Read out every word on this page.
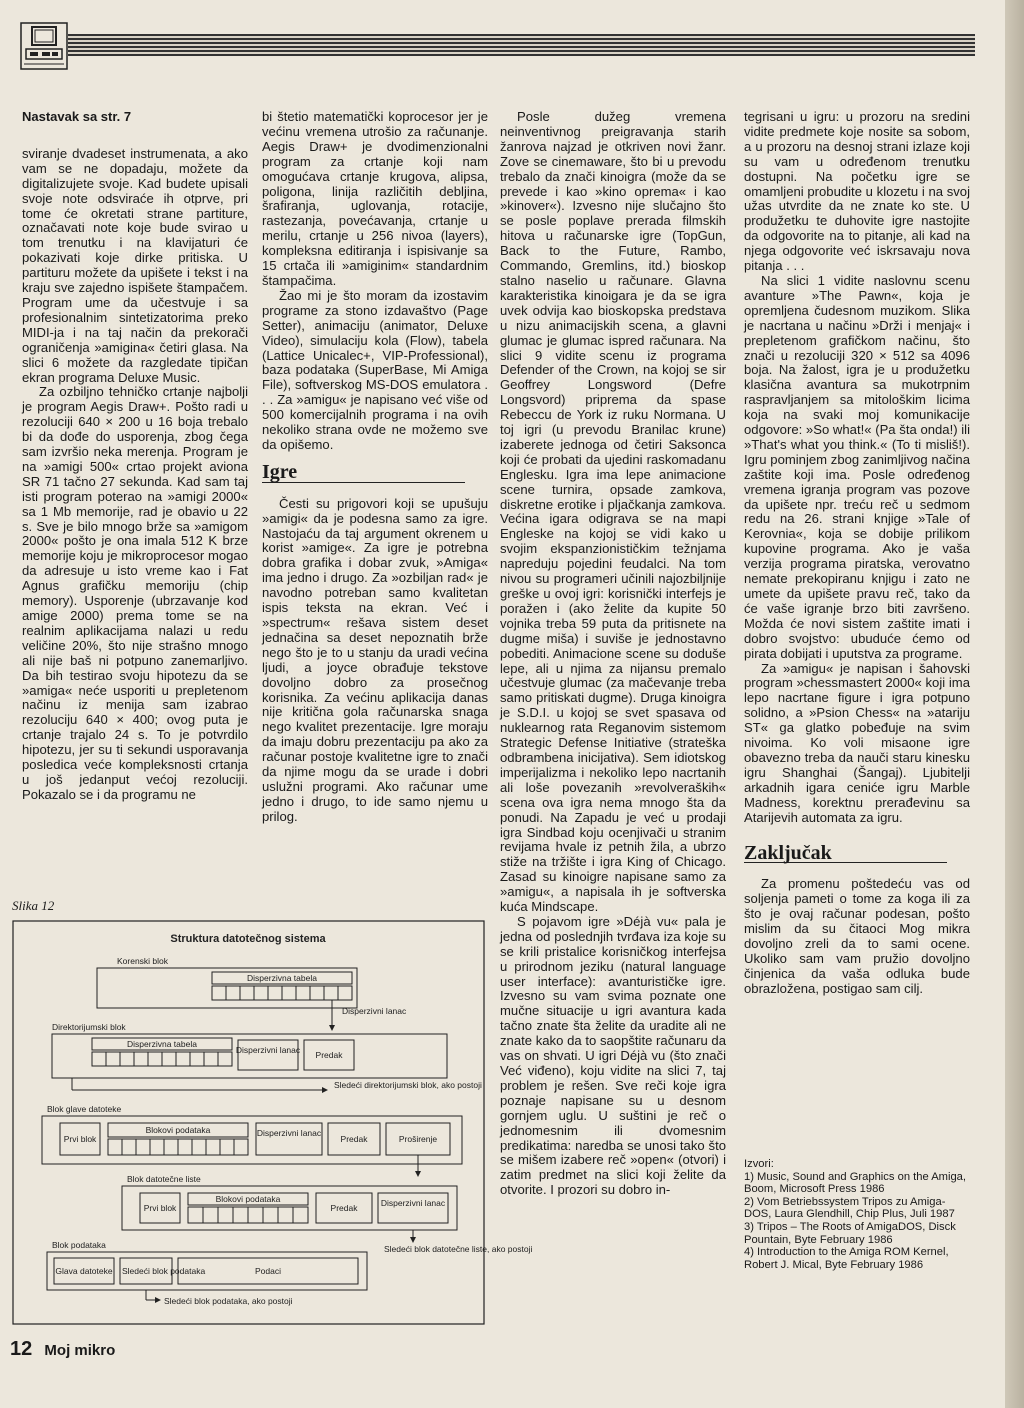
Nastavak sa str. 7

sviranje dvadeset instrumenata, a ako vam se ne dopadaju, možete da digitalizujete svoje. Kad budete upisali svoje note odsviraće ih otprve, pri tome će okretati strane partiture, označavati note koje bude svirao u tom trenutku i na klavijaturi će pokazivati koje dirke pritiska. U partituru možete da upišete i tekst i na kraju sve zajedno ispišete štampačem. Program ume da učestvuje i sa profesionalnim sintetizatorima preko MIDI-ja i na taj način da prekorači ograničenja »amigina« četiri glasa. Na slici 6 možete da razgledate tipičan ekran programa Deluxe Music.

Za ozbiljno tehničko crtanje najbolji je program Aegis Draw+. Pošto radi u rezoluciji 640 × 200 u 16 boja trebalo bi da dođe do usporenja, zbog čega sam izvršio neka merenja. Program je na »amigi 500« crtao projekt aviona SR 71 tačno 27 sekunda. Kad sam taj isti program poterao na »amigi 2000« sa 1 Mb memorije, rad je obavio u 22 s. Sve je bilo mnogo brže sa »amigom 2000« pošto je ona imala 512 K brze memorije koju je mikroprocesor mogao da adresuje u isto vreme kao i Fat Agnus grafičku memoriju (chip memory). Usporenje (ubrzavanje kod amige 2000) prema tome se na realnim aplikacijama nalazi u redu veličine 20%, što nije strašno mnogo ali nije baš ni potpuno zanemarljivo. Da bih testirao svoju hipotezu da se »amiga« neće usporiti u prepletenom načinu iz menija sam izabrao rezoluciju 640 × 400; ovog puta je crtanje trajalo 24 s. To je potvrdilo hipotezu, jer su ti sekundi usporavanja posledica veće kompleksnosti crtanja u još jedanput većoj rezoluciji. Pokazalo se i da programu ne

bi štetio matematički koprocesor jer je većinu vremena utrošio za računanje. Aegis Draw+ je dvodimenzionalni program za crtanje koji nam omogućava crtanje krugova, alipsa, poligona, linija različitih debljina, šrafiranja, uglovanja, rotacije, rastezanja, povećavanja, crtanje u merilu, crtanje u 256 nivoa (layers), kompleksna editiranja i ispisivanje sa 15 crtača ili »amiginim« standardnim štampačima.

Žao mi je što moram da izostavim programe za stono izdavaštvo (Page Setter), animaciju (animator, Deluxe Video), simulaciju kola (Flow), tabela (Lattice Unicalec+, VIP-Professional), baza podataka (SuperBase, Mi Amiga File), softverskog MS-DOS emulatora . . . Za »amigu« je napisano već više od 500 komercijalnih programa i na ovih nekoliko strana ovde ne možemo sve da opišemo.

Igre

Česti su prigovori koji se upušuju »amigi« da je podesna samo za igre. Nastojaću da taj argument okrenem u korist »amige«. Za igre je potrebna dobra grafika i dobar zvuk, »Amiga« ima jedno i drugo. Za »ozbiljan rad« je navodno potreban samo kvalitetan ispis teksta na ekran. Već i »spectrum« rešava sistem deset jednačina sa deset nepoznatih brže nego što je to u stanju da uradi većina ljudi, a joyce obrađuje tekstove dovoljno dobro za prosečnog korisnika. Za većinu aplikacija danas nije kritična gola računarska snaga nego kvalitet prezentacije. Igre moraju da imaju dobru prezentaciju pa ako za računar postoje kvalitetne igre to znači da njime mogu da se urade i dobri uslužni programi. Ako računar ume jedno i drugo, to ide samo njemu u prilog.

Posle dužeg vremena neinventivnog preigravanja starih žanrova najzad je otkriven novi žanr. Zove se cinemaware, što bi u prevodu trebalo da znači kinoigra (može da se prevede i kao »kino oprema« i kao »kinover«). Izvesno nije slučajno što se posle poplave prerada filmskih hitova u računarske igre (TopGun, Back to the Future, Rambo, Commando, Gremlins, itd.) bioskop stalno naselio u računare. Glavna karakteristika kinoigara je da se igra uvek odvija kao bioskopska predstava u nizu animacijskih scena, a glavni glumac je glumac ispred računara. Na slici 9 vidite scenu iz programa Defender of the Crown, na kojoj se sir Geoffrey Longsword (Defre Longsvord) pripremа da spase Rebeccu de York iz ruku Normana. U toj igri (u prevodu Branilac krune) izaberete jednoga od četiri Saksonca koji će probati da ujedini raskomadanu Englesku. Igra ima lepe animacione scene turnira, opsade zamkova, diskretne erotike i pljačkanja zamkova. Većina igara odigrava se na mapi Engleske na kojoj se vidi kako u svojim ekspanzionističkim težnjama napreduju pojedini feudalci. Na tom nivou su programeri učinili najozbiljnije greške u ovoj igri: korisnički interfejs je poražen i (ako želite da kupite 50 vojnika treba 59 puta da pritisnete na dugme miša) i suviše je jednostavno pobediti. Animacione scene su doduše lepe, ali u njima za nijansu premalo učestvuje glumac (za mačevanje treba samo pritiskati dugme). Druga kinoigra je S.D.I. u kojoj se svet spasava od nuklearnog rata Reganovim sistemom Strategic Defense Initiative (strateška odbrambena inicijativa). Sem idiotskog imperijalizma i nekoliko lepo nacrtanih ali loše povezanih »revolveraških« scena ova igra nema mnogo šta da ponudi. Na Zapadu je već u prodaji igra Sindbad koju ocenjivači u stranim revijama hvale iz petnih žila, a ubrzo stiže na tržište i igra King of Chicago. Zasad su kinoigre napisane samo za »amigu«, a napisala ih je softverska kuća Mindscape.

S pojavom igre »Déjà vu« pala je jedna od poslednjih tvrđava iza koje su se krili pristalice korisničkog interfejsa u prirodnom jeziku (natural language user interface): avanturističke igre. Izvesno su vam svima poznate one mučne situacije u igri avantura kada tačno znate šta želite da uradite ali ne znate kako da to saopštite računaru da vas on shvati. U igri Déjà vu (što znači Već viđeno), koju vidite na slici 7, taj problem je rešen. Sve reči koje igra poznaje napisane su u desnom gornjem uglu. U suštini je reč o jednomesnim ili dvomesnim predikatima: naredba se unosi tako što se mišem izabere reč »open« (otvori) i zatim predmet na slici koji želite da otvorite. I prozori su dobro in-

tegrisani u igru: u prozoru na sredini vidite predmete koje nosite sa sobom, a u prozoru na desnoj strani izlaze koji su vam u određenom trenutku dostupni. Na početku igre se omamljeni probudite u klozetu i na svoj užas utvrdite da ne znate ko ste. U produžetku te duhovite igre nastojite da odgovorite na to pitanje, ali kad na njega odgovorite već iskrsavaju nova pitanja . . .

Na slici 1 vidite naslovnu scenu avanture »The Pawn«, koja je opremljena čudesnom muzikom. Slika je nacrtana u načinu »Drži i menjaj« i prepletenom grafičkom načinu, što znači u rezoluciji 320 × 512 sa 4096 boja. Na žalost, igra je u produžetku klasična avantura sa mukotrpnim raspravljanjem sa mitološkim licima koja na svaki moj komunikacije odgovore: »So what!« (Pa šta onda!) ili »That's what you think.« (To ti misliš!). Igru pominjem zbog zanimljivog načina zaštite koji ima. Posle određenog vremena igranja program vas pozove da upišete npr. treću reč u sedmom redu na 26. strani knjige »Tale of Kerovnia«, koja se dobije prilikom kupovine programa. Ako je vaša verzija programa piratska, verovatno nemate prekopiranu knjigu i zato ne umete da upišete pravu reč, tako da će vaše igranje brzo biti završeno. Možda će novi sistem zaštite imati i dobro svojstvo: ubuduće ćemo od pirata dobijati i uputstva za programe.

Za »amigu« je napisan i šahovski program »chessmastert 2000« koji ima lepo nacrtane figure i igra potpuno solidno, a »Psion Chess« na »atariju ST« ga glatko pobeđuje na svim nivoima. Ko voli misaone igre obavezno treba da nauči staru kinesku igru Shanghai (Šangaj). Ljubitelji arkadnih igara ceniće igru Marble Madness, korektnu prerađevinu sa Atarijevih automata za igru.

Zaključak

Za promenu poštedeću vas od soljenja pameti o tome za koga ili za što je ovaj računar podesan, pošto mislim da su čitaoci Mog mikra dovoljno zreli da to sami ocene. Ukoliko sam vam pružio dovoljno činjenica da vaša odluka bude obrazložena, postigao sam cilj.

Izvori:

1) Music, Sound and Graphics on the Amiga, Boom, Microsoft Press 1986

2) Vom Betriebssystem Tripos zu Amiga-DOS, Laura Glendhill, Chip Plus, Juli 1987

3) Tripos – The Roots of AmigaDOS, Disck Pountain, Byte February 1986

4) Introduction to the Amiga ROM Kernel, Robert J. Mical, Byte February 1986

Slika 12
Struktura datotečnog sistema
Korenski blok
Disperzivna tabela
Disperzivni lanac
Direktorijumski blok
Disperzivna tabela
Disperzivni lanac Predak
Sledeći direktorijumski blok, ako postoji
Blok glave datoteke
Prvi blok
Blokovi podataka	Disperzivni lanac
Predak	Proširenje
Blok datotečne liste
Prvi blok
Blokovi podataka
Predak	Disperzivni lanac
Sledeći blok datotečne liste, ako postoji
Blok podataka
Glava datoteke Sledeći blok podataka	Podaci
Sledeći blok podataka, ako postoji
12 Moj mikro
